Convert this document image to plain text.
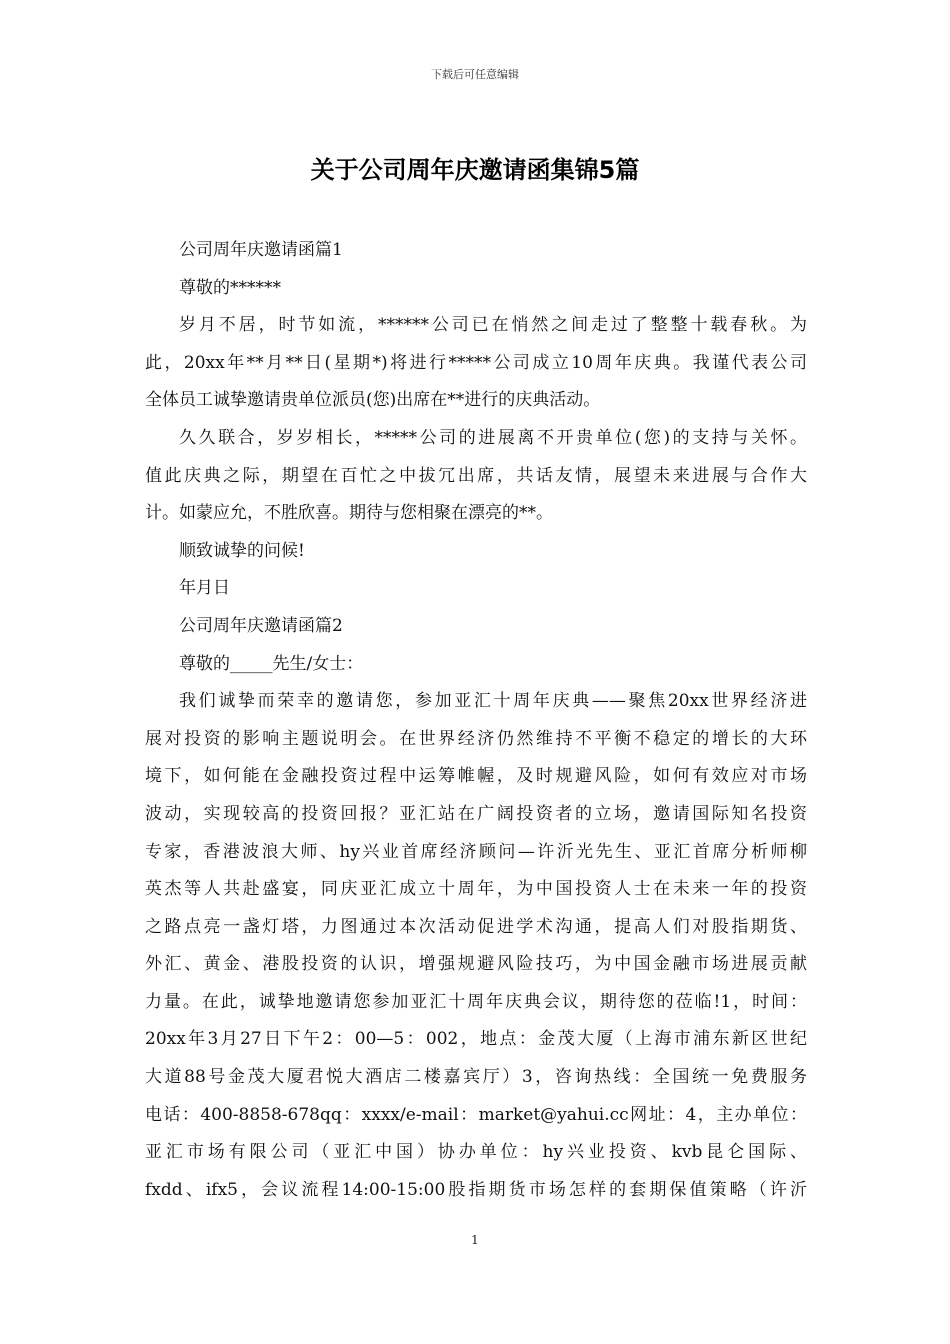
下载后可任意编辑
关于公司周年庆邀请函集锦5篇
公司周年庆邀请函篇1
尊敬的******
岁月不居，时节如流，******公司已在悄然之间走过了整整十载春秋。为
此，20xx年**月**日(星期*)将进行*****公司成立10周年庆典。我谨代表公司
全体员工诚挚邀请贵单位派员(您)出席在**进行的庆典活动。
久久联合，岁岁相长，*****公司的进展离不开贵单位(您)的支持与关怀。
值此庆典之际，期望在百忙之中拔冗出席，共话友情，展望未来进展与合作大
计。如蒙应允，不胜欣喜。期待与您相聚在漂亮的**。
顺致诚挚的问候!
年月日
公司周年庆邀请函篇2
尊敬的_____先生/女士：
我们诚挚而荣幸的邀请您，参加亚汇十周年庆典——聚焦20xx世界经济进
展对投资的影响主题说明会。在世界经济仍然维持不平衡不稳定的增长的大环
境下，如何能在金融投资过程中运筹帷幄，及时规避风险，如何有效应对市场
波动，实现较高的投资回报？亚汇站在广阔投资者的立场，邀请国际知名投资
专家，香港波浪大师、hy兴业首席经济顾问—许沂光先生、亚汇首席分析师柳
英杰等人共赴盛宴，同庆亚汇成立十周年，为中国投资人士在未来一年的投资
之路点亮一盏灯塔，力图通过本次活动促进学术沟通，提高人们对股指期货、
外汇、黄金、港股投资的认识，增强规避风险技巧，为中国金融市场进展贡献
力量。在此，诚挚地邀请您参加亚汇十周年庆典会议，期待您的莅临!1，时间：
20xx年3月27日下午2：00—5：002，地点：金茂大厦（上海市浦东新区世纪
大道88号金茂大厦君悦大酒店二楼嘉宾厅）3，咨询热线：全国统一免费服务
电话：400-8858-678qq：xxxx/e-mail：market@yahui.cc网址：4，主办单位：
亚汇市场有限公司（亚汇中国）协办单位：hy兴业投资、kvb昆仑国际、
fxdd、ifx5，会议流程14:00-15:00股指期货市场怎样的套期保值策略（许沂
1
